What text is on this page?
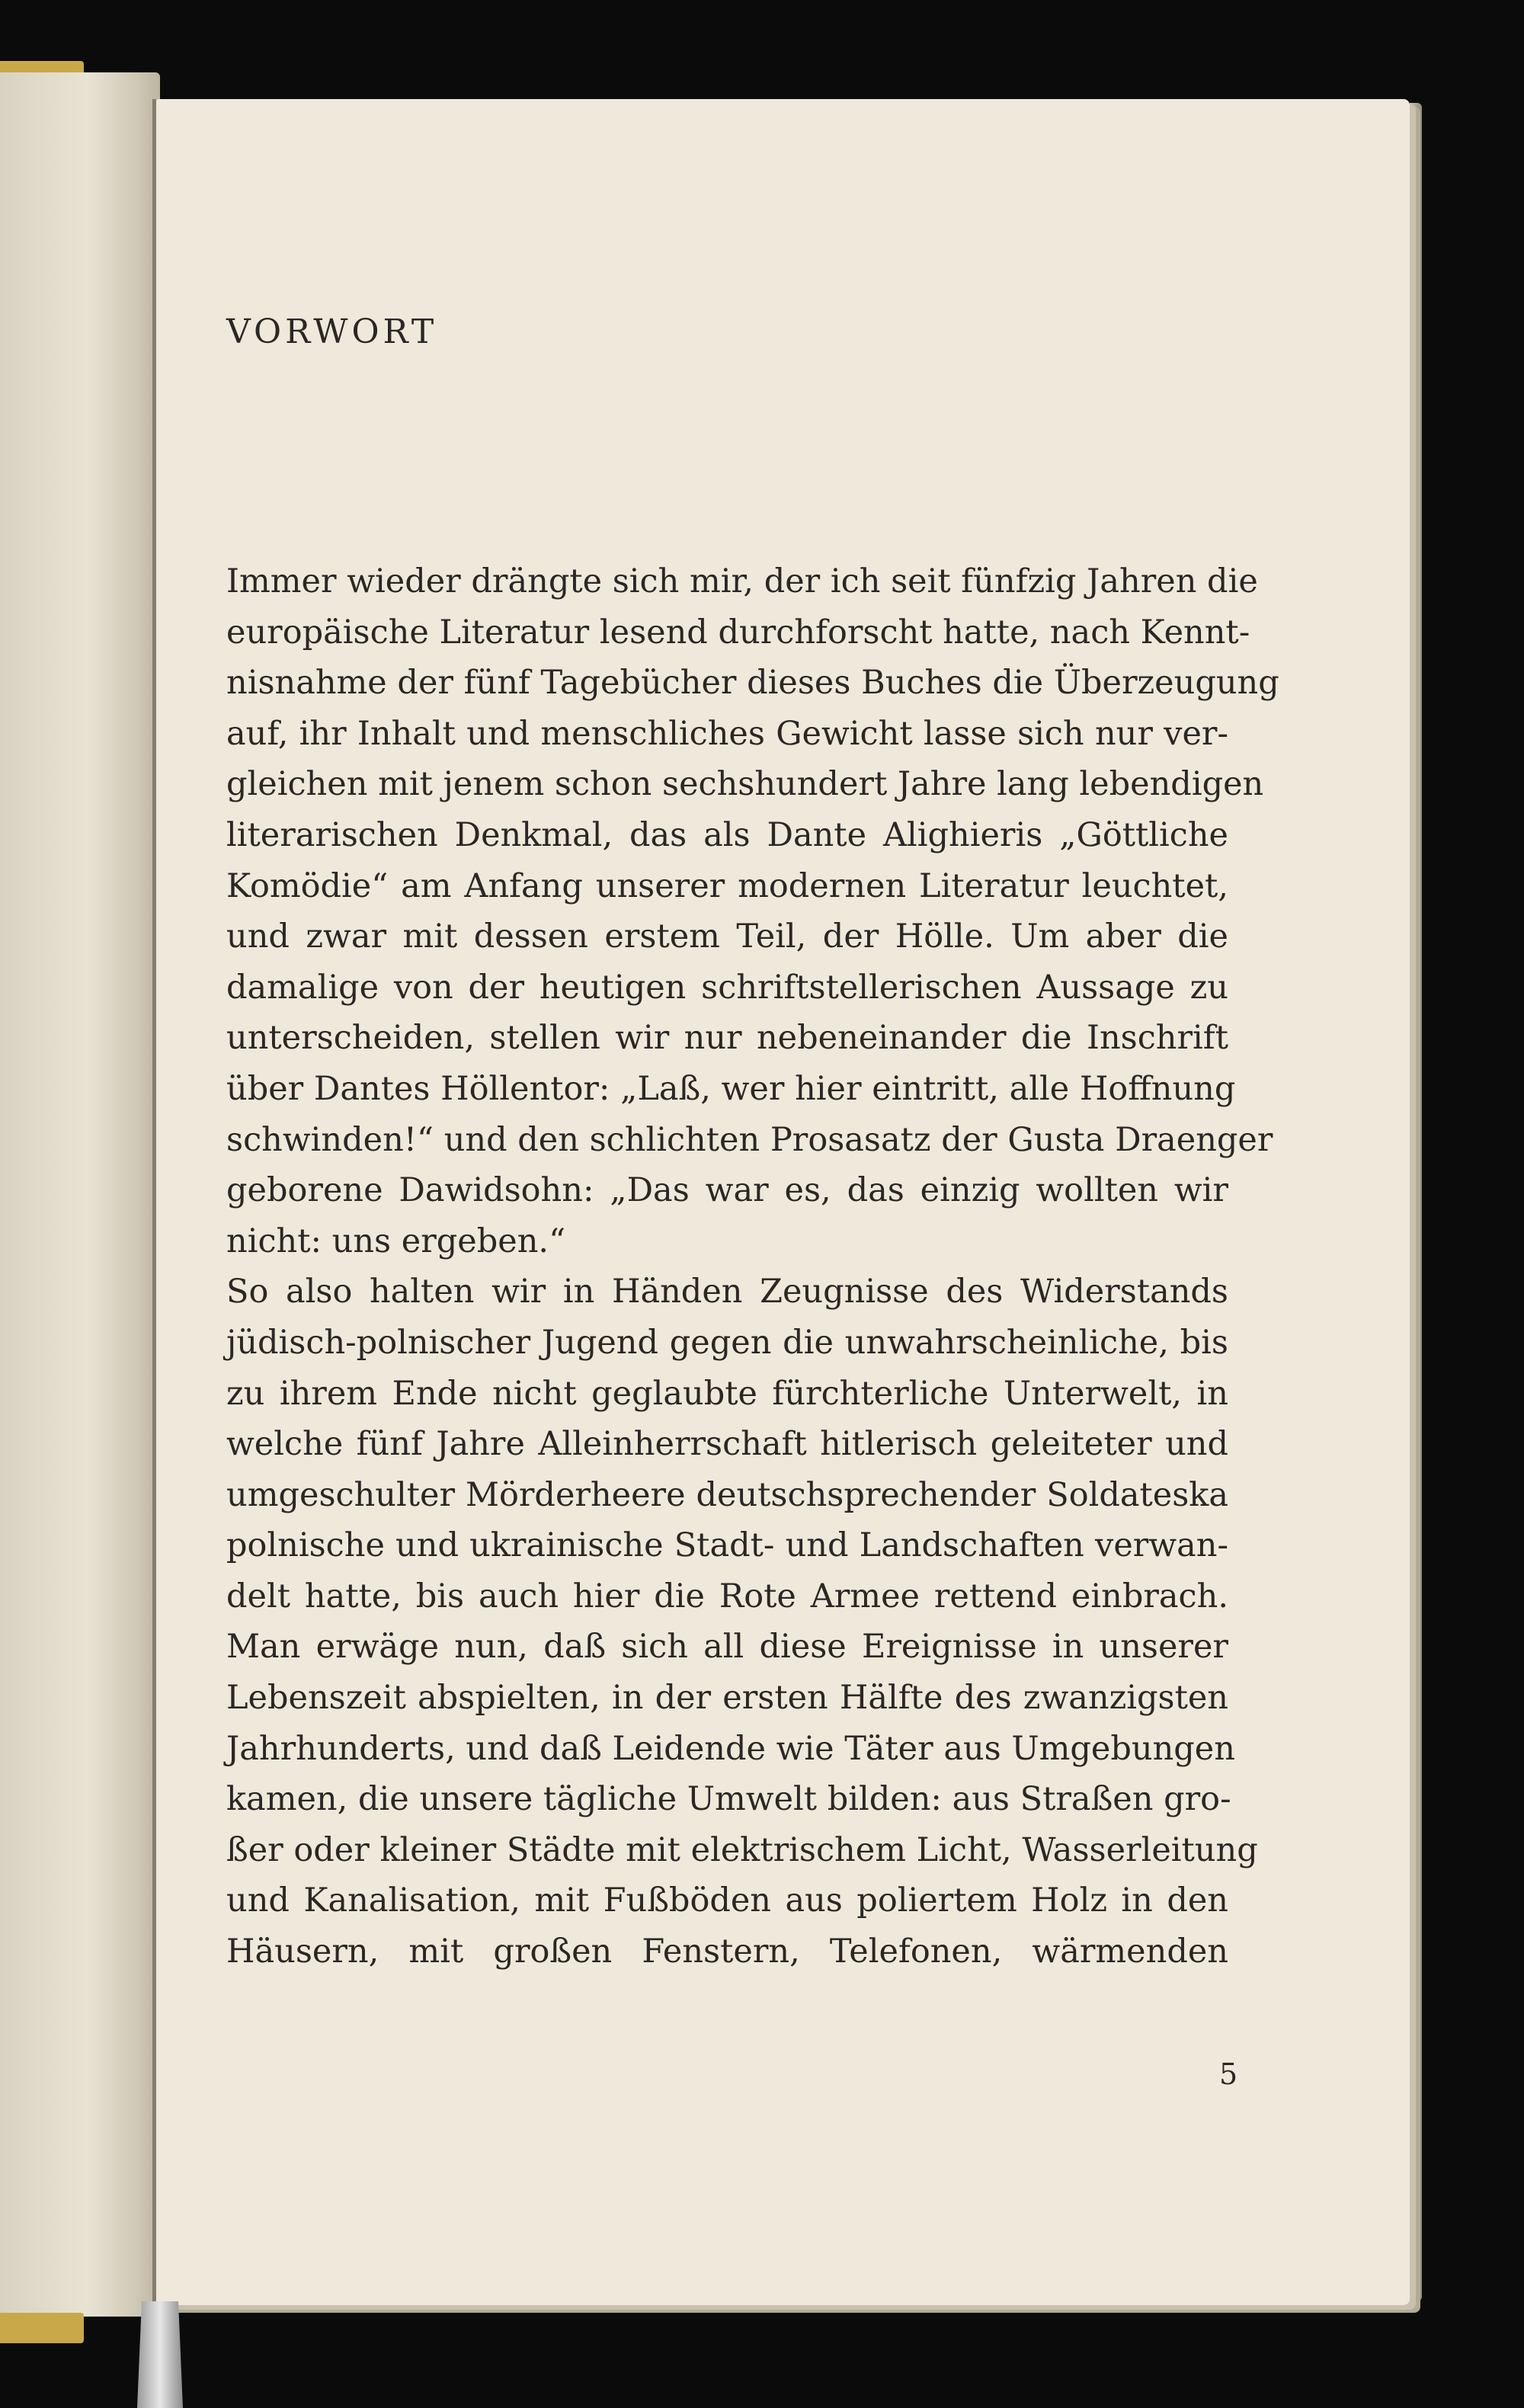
VORWORT
Immer wieder drängte sich mir, der ich seit fünfzig Jahren die
europäische Literatur lesend durchforscht hatte, nach Kennt-
nisnahme der fünf Tagebücher dieses Buches die Überzeugung
auf, ihr Inhalt und menschliches Gewicht lasse sich nur ver-
gleichen mit jenem schon sechshundert Jahre lang lebendigen
literarischen Denkmal, das als Dante Alighieris „Göttliche
Komödie“ am Anfang unserer modernen Literatur leuchtet,
und zwar mit dessen erstem Teil, der Hölle. Um aber die
damalige von der heutigen schriftstellerischen Aussage zu
unterscheiden, stellen wir nur nebeneinander die Inschrift
über Dantes Höllentor: „Laß, wer hier eintritt, alle Hoffnung
schwinden!“ und den schlichten Prosasatz der Gusta Draenger
geborene Dawidsohn: „Das war es, das einzig wollten wir
nicht: uns ergeben.“
So also halten wir in Händen Zeugnisse des Widerstands
jüdisch-polnischer Jugend gegen die unwahrscheinliche, bis
zu ihrem Ende nicht geglaubte fürchterliche Unterwelt, in
welche fünf Jahre Alleinherrschaft hitlerisch geleiteter und
umgeschulter Mörderheere deutschsprechender Soldateska
polnische und ukrainische Stadt- und Landschaften verwan-
delt hatte, bis auch hier die Rote Armee rettend einbrach.
Man erwäge nun, daß sich all diese Ereignisse in unserer
Lebenszeit abspielten, in der ersten Hälfte des zwanzigsten
Jahrhunderts, und daß Leidende wie Täter aus Umgebungen
kamen, die unsere tägliche Umwelt bilden: aus Straßen gro-
ßer oder kleiner Städte mit elektrischem Licht, Wasserleitung
und Kanalisation, mit Fußböden aus poliertem Holz in den
Häusern, mit großen Fenstern, Telefonen, wärmenden
5
